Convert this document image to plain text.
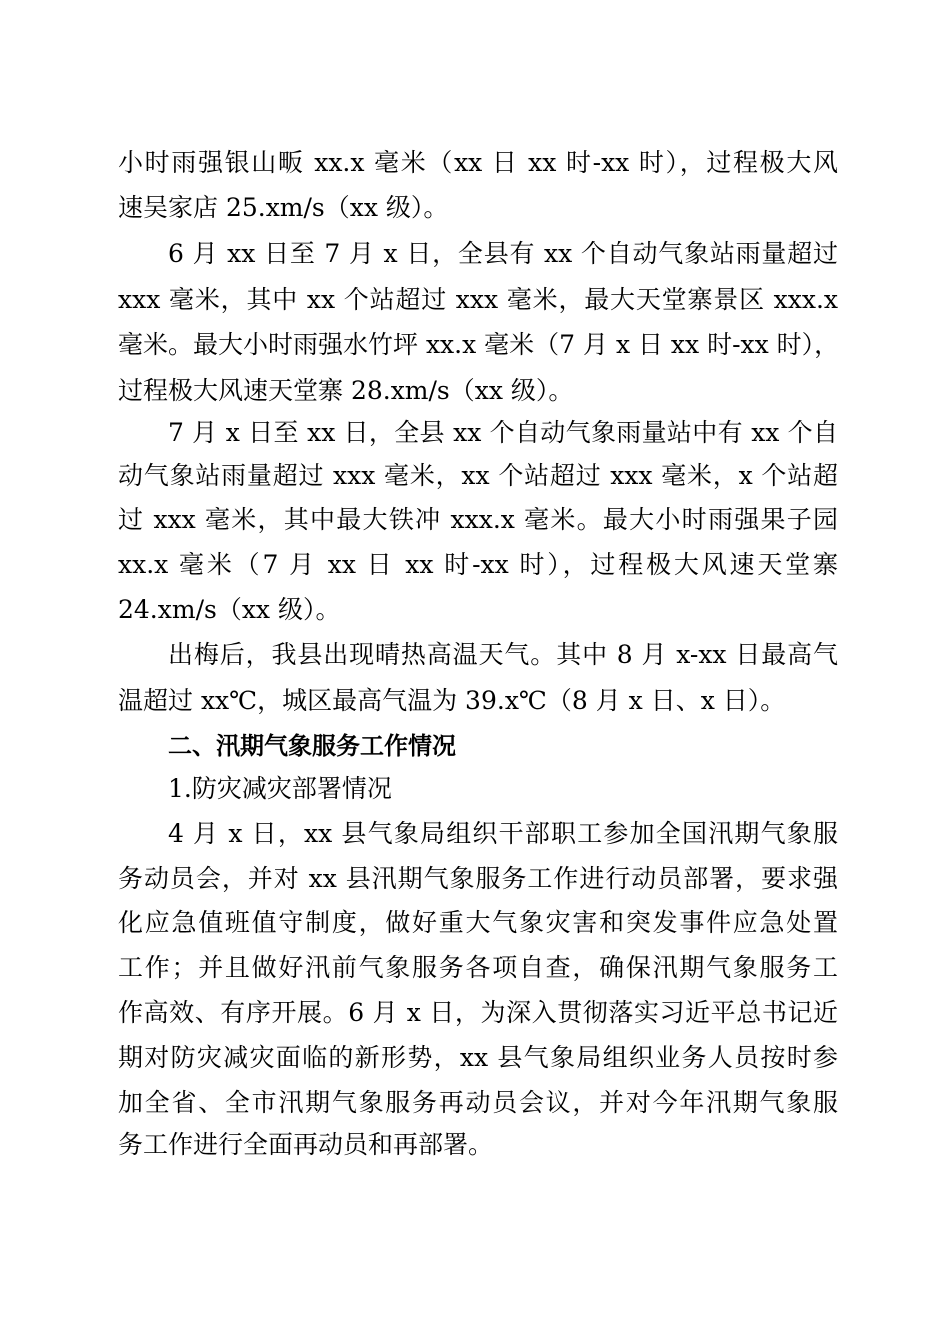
小时雨强银山畈 xx.x 毫米（xx 日 xx 时-xx 时），过程极大风
速吴家店 25.xm/s（xx 级）。
6 月 xx 日至 7 月 x 日，全县有 xx 个自动气象站雨量超过
xxx 毫米，其中 xx 个站超过 xxx 毫米，最大天堂寨景区 xxx.x
毫米。最大小时雨强水竹坪 xx.x 毫米（7 月 x 日 xx 时-xx 时），
过程极大风速天堂寨 28.xm/s（xx 级）。
7 月 x 日至 xx 日，全县 xx 个自动气象雨量站中有 xx 个自
动气象站雨量超过 xxx 毫米，xx 个站超过 xxx 毫米，x 个站超
过 xxx 毫米，其中最大铁冲 xxx.x 毫米。最大小时雨强果子园
xx.x 毫米（7 月 xx 日 xx 时-xx 时），过程极大风速天堂寨
24.xm/s（xx 级）。
出梅后，我县出现晴热高温天气。其中 8 月 x-xx 日最高气
温超过 xx℃，城区最高气温为 39.x℃（8 月 x 日、x 日）。
二、汛期气象服务工作情况
1.防灾减灾部署情况
4 月 x 日，xx 县气象局组织干部职工参加全国汛期气象服
务动员会，并对 xx 县汛期气象服务工作进行动员部署，要求强
化应急值班值守制度，做好重大气象灾害和突发事件应急处置
工作；并且做好汛前气象服务各项自查，确保汛期气象服务工
作高效、有序开展。6 月 x 日，为深入贯彻落实习近平总书记近
期对防灾减灾面临的新形势，xx 县气象局组织业务人员按时参
加全省、全市汛期气象服务再动员会议，并对今年汛期气象服
务工作进行全面再动员和再部署。
